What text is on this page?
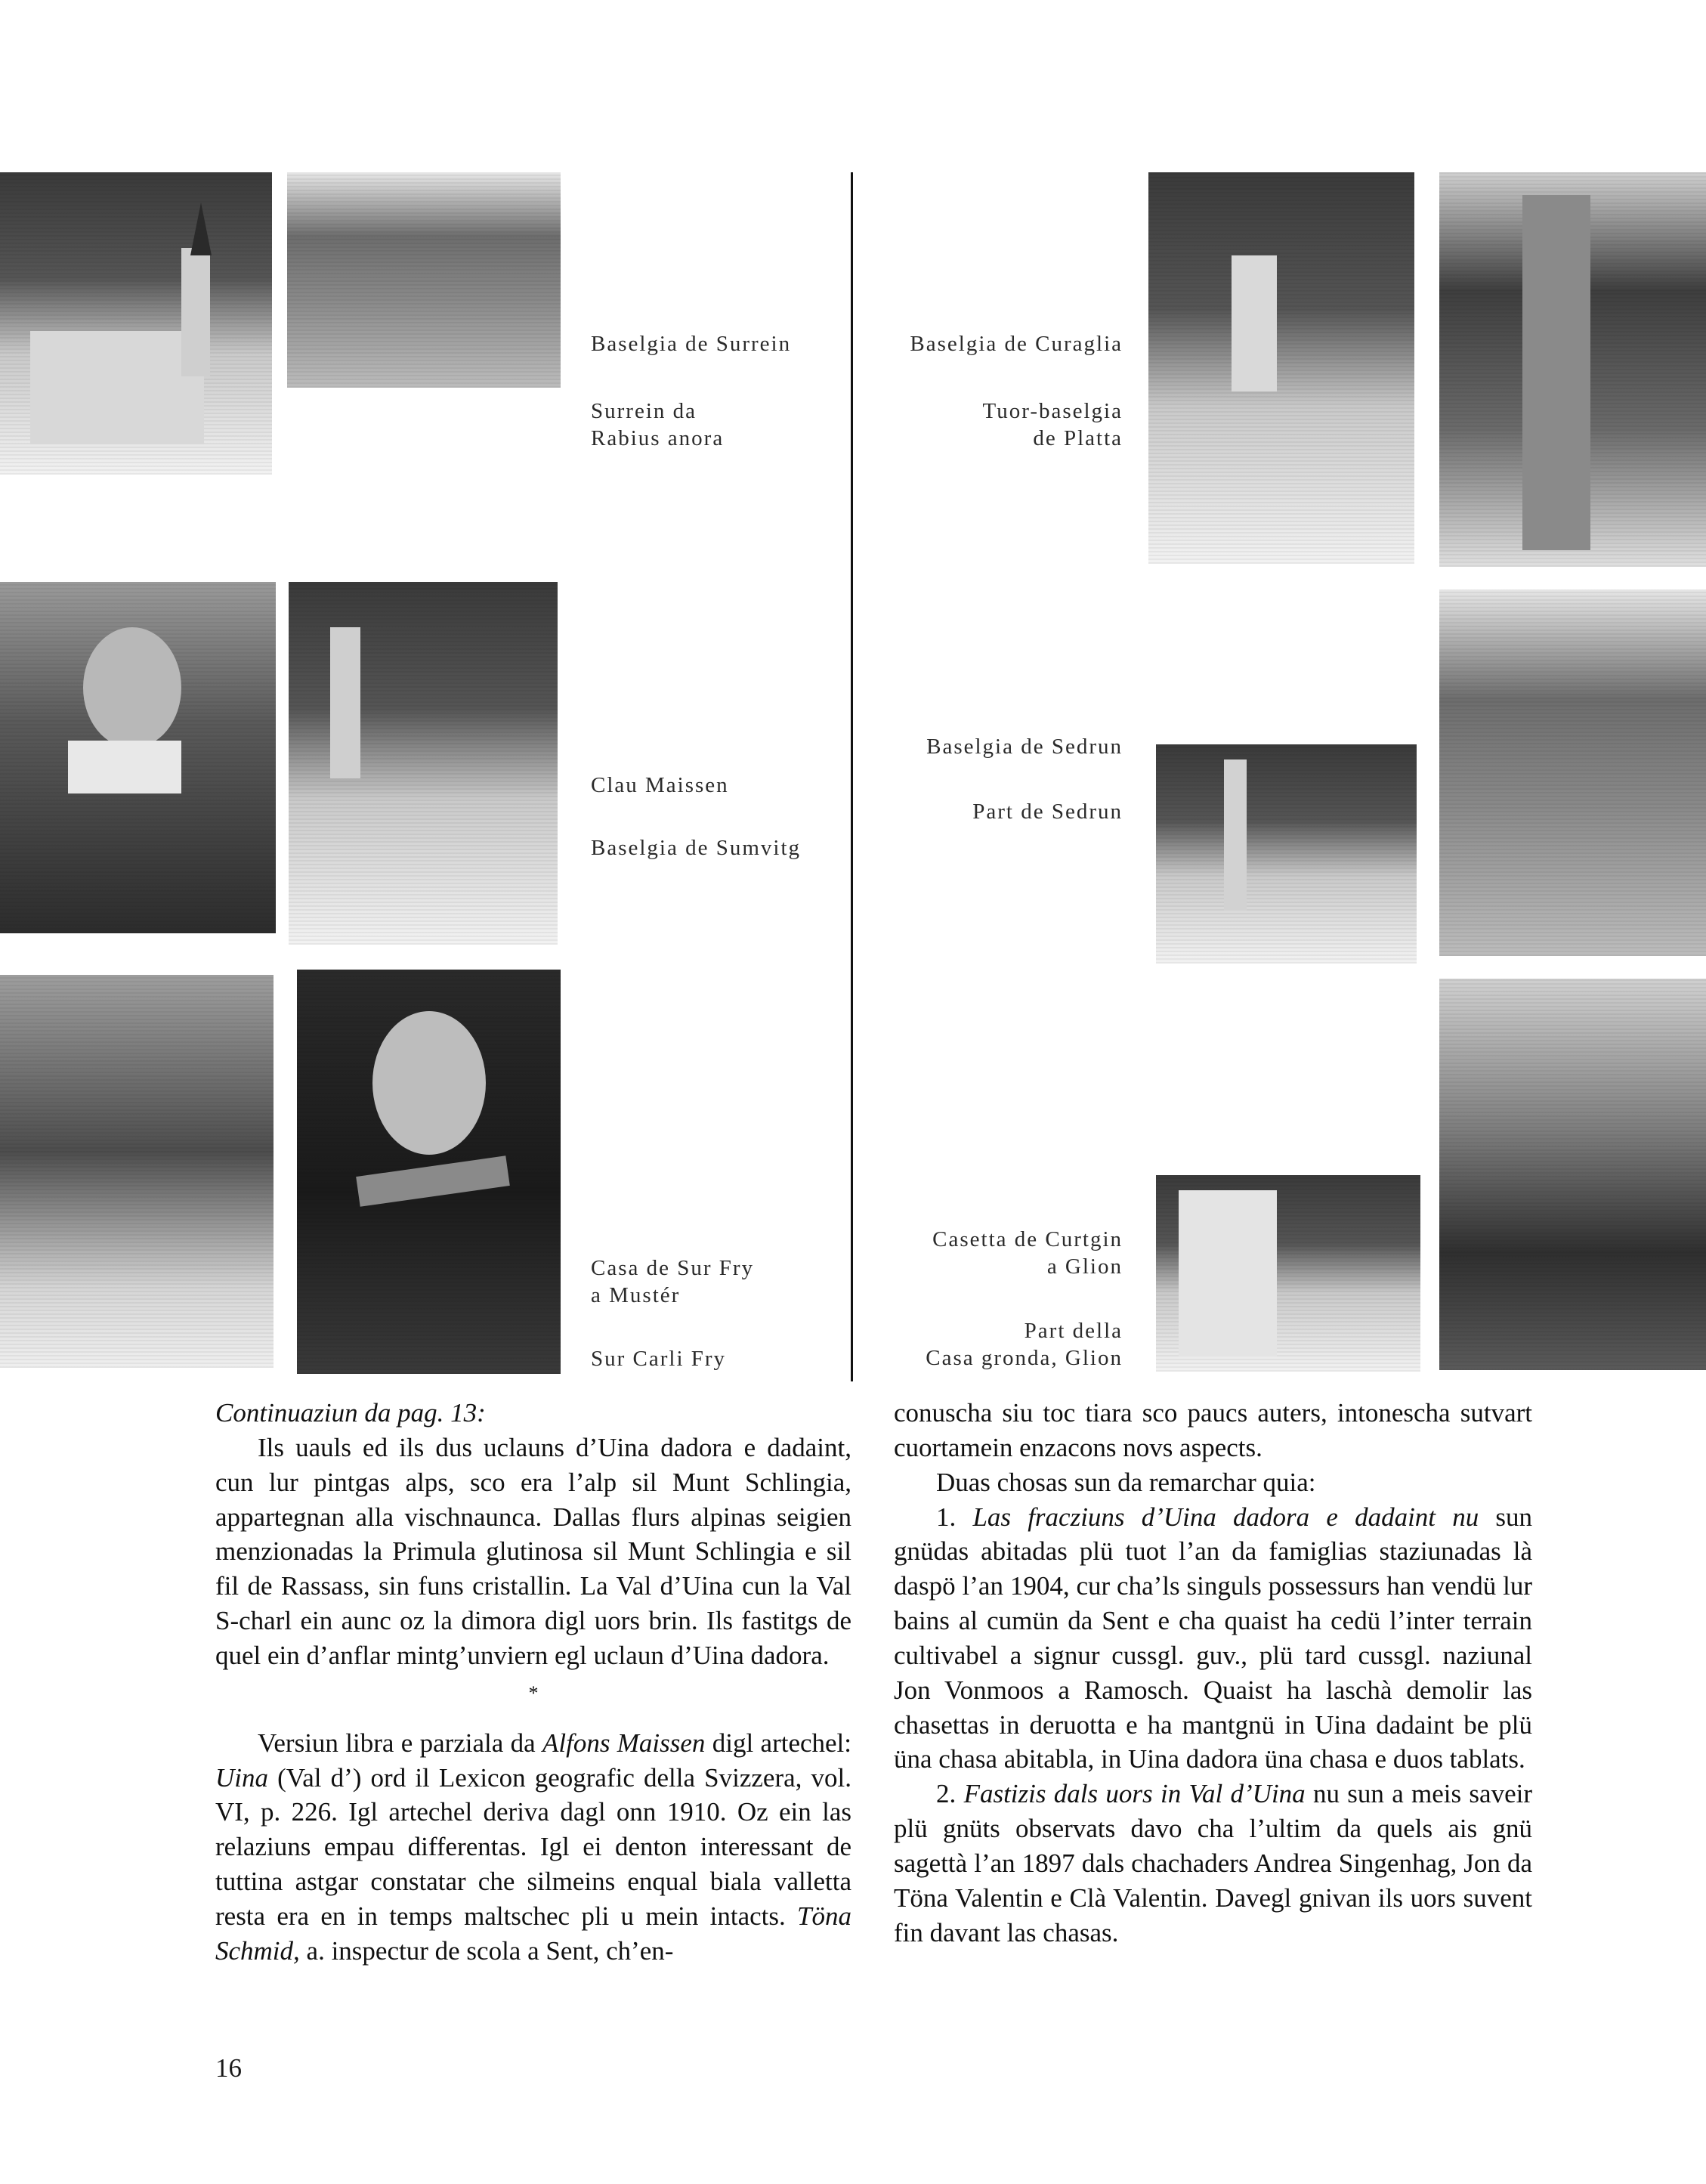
Baselgia de Surrein
Surrein da
Rabius anora
Clau Maissen
Baselgia de Sumvitg
Casa de Sur Fry
a Mustér
Sur Carli Fry
Baselgia de Curaglia
Tuor-baselgia
de Platta
Baselgia de Sedrun
Part de Sedrun
Casetta de Curtgin
a Glion
Part della
Casa gronda, Glion

Continuaziun da pag. 13:

Ils uauls ed ils dus uclauns d’Uina dadora e dadaint, cun lur pintgas alps, sco era l’alp sil Munt Schlingia, appartegnan alla vischnaunca. Dallas flurs alpinas seigien menzionadas la Primula glutinosa sil Munt Schlingia e sil fil de Rassass, sin funs cristallin. La Val d’Uina cun la Val S-charl ein aunc oz la dimora digl uors brin. Ils fastitgs de quel ein d’anflar mintg’unviern egl uclaun d’Uina dadora.

*

Versiun libra e parziala da Alfons Maissen digl artechel: Uina (Val d’) ord il Lexicon geografic della Svizzera, vol. VI, p. 226. Igl artechel deriva dagl onn 1910. Oz ein las relaziuns empau differentas. Igl ei denton interessant de tuttina astgar constatar che silmeins enqual biala valletta resta era en in temps maltschec pli u mein intacts. Töna Schmid, a. inspectur de scola a Sent, ch’en-

conuscha siu toc tiara sco paucs auters, intonescha sutvart cuortamein enzacons novs aspects.

Duas chosas sun da remarchar quia:

1. Las fracziuns d’Uina dadora e dadaint nu sun gnüdas abitadas plü tuot l’an da famiglias staziunadas là daspö l’an 1904, cur cha’ls singuls possessurs han vendü lur bains al cumün da Sent e cha quaist ha cedü l’inter terrain cultivabel a signur cussgl. guv., plü tard cussgl. naziunal Jon Vonmoos a Ramosch. Quaist ha laschà demolir las chasettas in deruotta e ha mantgnü in Uina dadaint be plü üna chasa abitabla, in Uina dadora üna chasa e duos tablats.

2. Fastizis dals uors in Val d’Uina nu sun a meis saveir plü gnüts observats davo cha l’ultim da quels ais gnü sagettà l’an 1897 dals chachaders Andrea Singenhag, Jon da Töna Valentin e Clà Valentin. Davegl gnivan ils uors suvent fin davant las chasas.

16
